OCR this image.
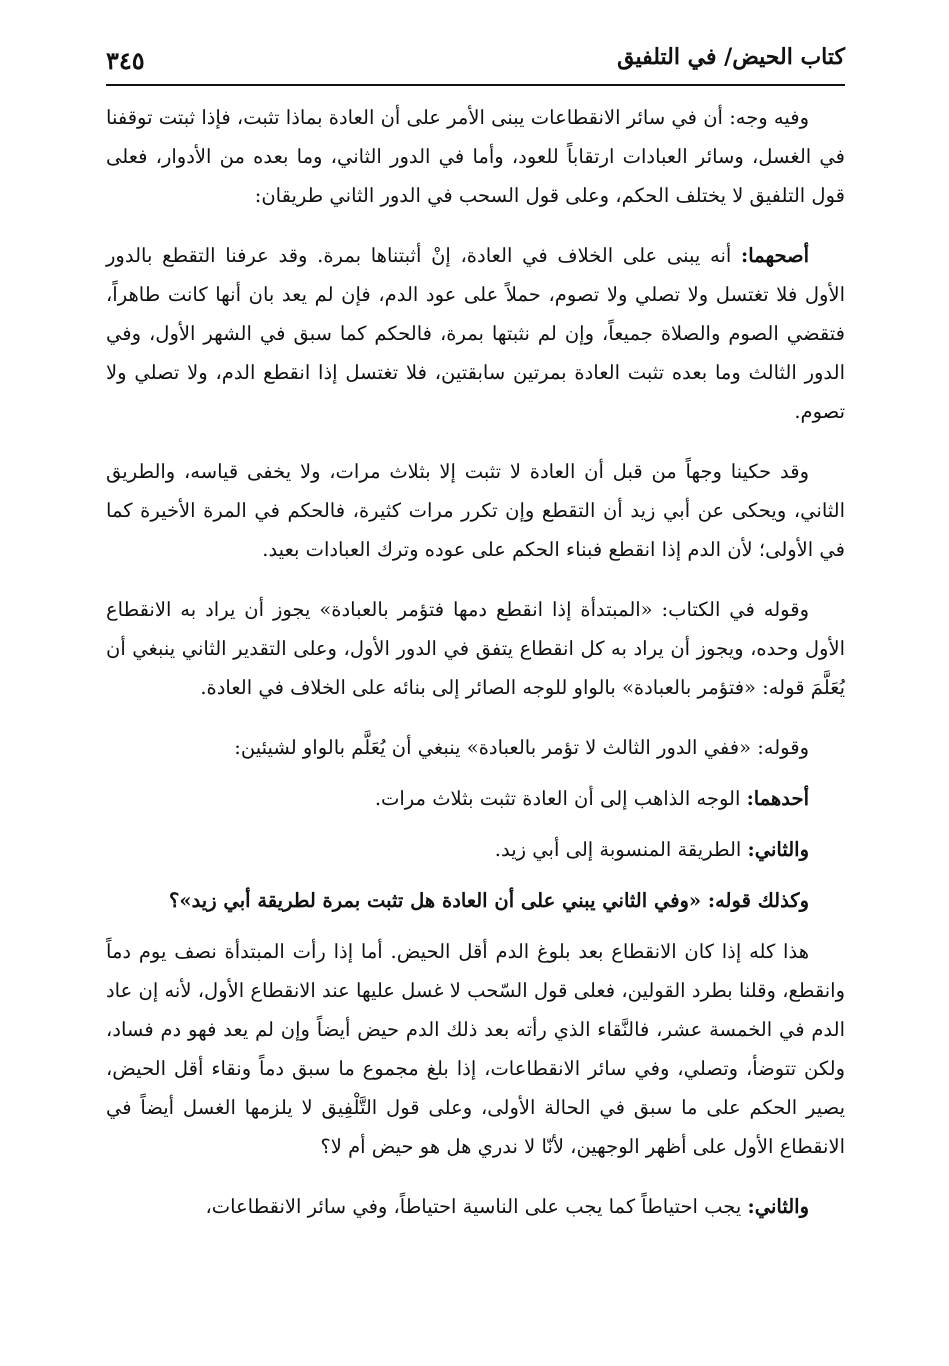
كتاب الحيض/ في التلفيق
٣٤٥

وفيه وجه: أن في سائر الانقطاعات يبنى الأمر على أن العادة بماذا تثبت، فإذا ثبتت توقفنا في الغسل، وسائر العبادات ارتقاباً للعود، وأما في الدور الثاني، وما بعده من الأدوار، فعلى قول التلفيق لا يختلف الحكم، وعلى قول السحب في الدور الثاني طريقان:

أصحهما: أنه يبنى على الخلاف في العادة، إنْ أثبتناها بمرة. وقد عرفنا التقطع بالدور الأول فلا تغتسل ولا تصلي ولا تصوم، حملاً على عود الدم، فإن لم يعد بان أنها كانت طاهراً، فتقضي الصوم والصلاة جميعاً، وإن لم نثبتها بمرة، فالحكم كما سبق في الشهر الأول، وفي الدور الثالث وما بعده تثبت العادة بمرتين سابقتين، فلا تغتسل إذا انقطع الدم، ولا تصلي ولا تصوم.

وقد حكينا وجهاً من قبل أن العادة لا تثبت إلا بثلاث مرات، ولا يخفى قياسه، والطريق الثاني، ويحكى عن أبي زيد أن التقطع وإن تكرر مرات كثيرة، فالحكم في المرة الأخيرة كما في الأولى؛ لأن الدم إذا انقطع فبناء الحكم على عوده وترك العبادات بعيد.

وقوله في الكتاب: «المبتدأة إذا انقطع دمها فتؤمر بالعبادة» يجوز أن يراد به الانقطاع الأول وحده، ويجوز أن يراد به كل انقطاع يتفق في الدور الأول، وعلى التقدير الثاني ينبغي أن يُعَلَّمَ قوله: «فتؤمر بالعبادة» بالواو للوجه الصائر إلى بنائه على الخلاف في العادة.

وقوله: «ففي الدور الثالث لا تؤمر بالعبادة» ينبغي أن يُعَلَّم بالواو لشيئين:

أحدهما: الوجه الذاهب إلى أن العادة تثبت بثلاث مرات.

والثاني: الطريقة المنسوبة إلى أبي زيد.

وكذلك قوله: «وفي الثاني يبني على أن العادة هل تثبت بمرة لطريقة أبي زيد»؟

هذا كله إذا كان الانقطاع بعد بلوغ الدم أقل الحيض. أما إذا رأت المبتدأة نصف يوم دماً وانقطع، وقلنا بطرد القولين، فعلى قول السّحب لا غسل عليها عند الانقطاع الأول، لأنه إن عاد الدم في الخمسة عشر، فالنَّقاء الذي رأته بعد ذلك الدم حيض أيضاً وإن لم يعد فهو دم فساد، ولكن تتوضأ، وتصلي، وفي سائر الانقطاعات، إذا بلغ مجموع ما سبق دماً ونقاء أقل الحيض، يصير الحكم على ما سبق في الحالة الأولى، وعلى قول التَّلْفِيق لا يلزمها الغسل أيضاً في الانقطاع الأول على أظهر الوجهين، لأنّا لا ندري هل هو حيض أم لا؟

والثاني: يجب احتياطاً كما يجب على الناسية احتياطاً، وفي سائر الانقطاعات،
